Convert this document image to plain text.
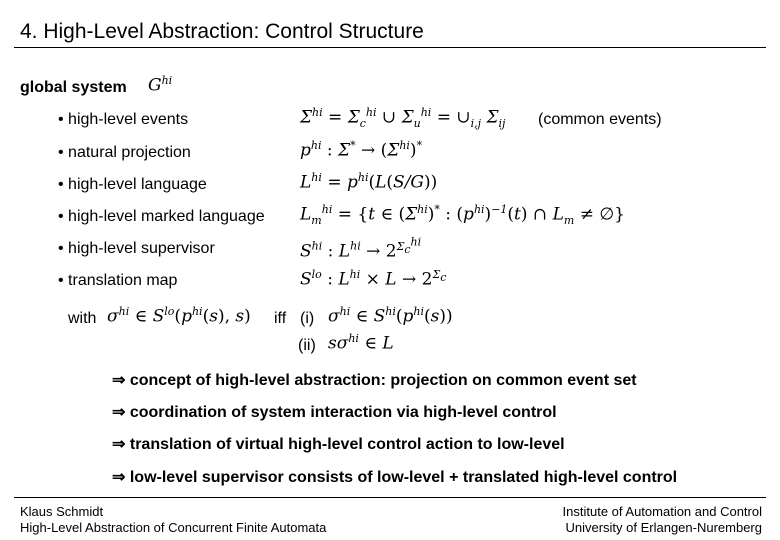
4. High-Level Abstraction: Control Structure
global system $G^{hi}$
• high-level events	$\Sigma^{hi} = \Sigma_c^{hi}$ ∪ $\Sigma_u^{hi}$ = $\cup_{i,j}$ $\Sigma_{ij}$ (common events)
• natural projection	$p^{hi}$ : $\Sigma^* \to (\Sigma^{hi})^*$
• high-level language	$L^{hi} = p^{hi}(L(S/G))$
• high-level marked language $L_m^{hi} = \{t$ ∈ $(\Sigma^{hi})^*$ : $(p^{hi})^{-1}(t)$ ∩ $L_m$ ≠ ∅}
• high-level supervisor	$S^{hi}$ : $L^{hi} \to 2^{\Sigma_c^{hi}}$
• translation map	$S^{lo}$ : $L^{hi} \times L \to 2^{\Sigma_c}$
with $\sigma^{hi}$ ∈ $S^{lo}(p^{hi}(s)$, s) iff (i) $\sigma^{hi}$ ∈ $S^{hi}(p^{hi}(s))$
(ii) $s\sigma^{hi}$ ∈ L
⇒ concept of high-level abstraction: projection on common event set
⇒ coordination of system interaction via high-level control
⇒ translation of virtual high-level control action to low-level
⇒ low-level supervisor consists of low-level + translated high-level control
Klaus Schmidt
High-Level Abstraction of Concurrent Finite Automata
Institute of Automation and Control
University of Erlangen-Nuremberg
